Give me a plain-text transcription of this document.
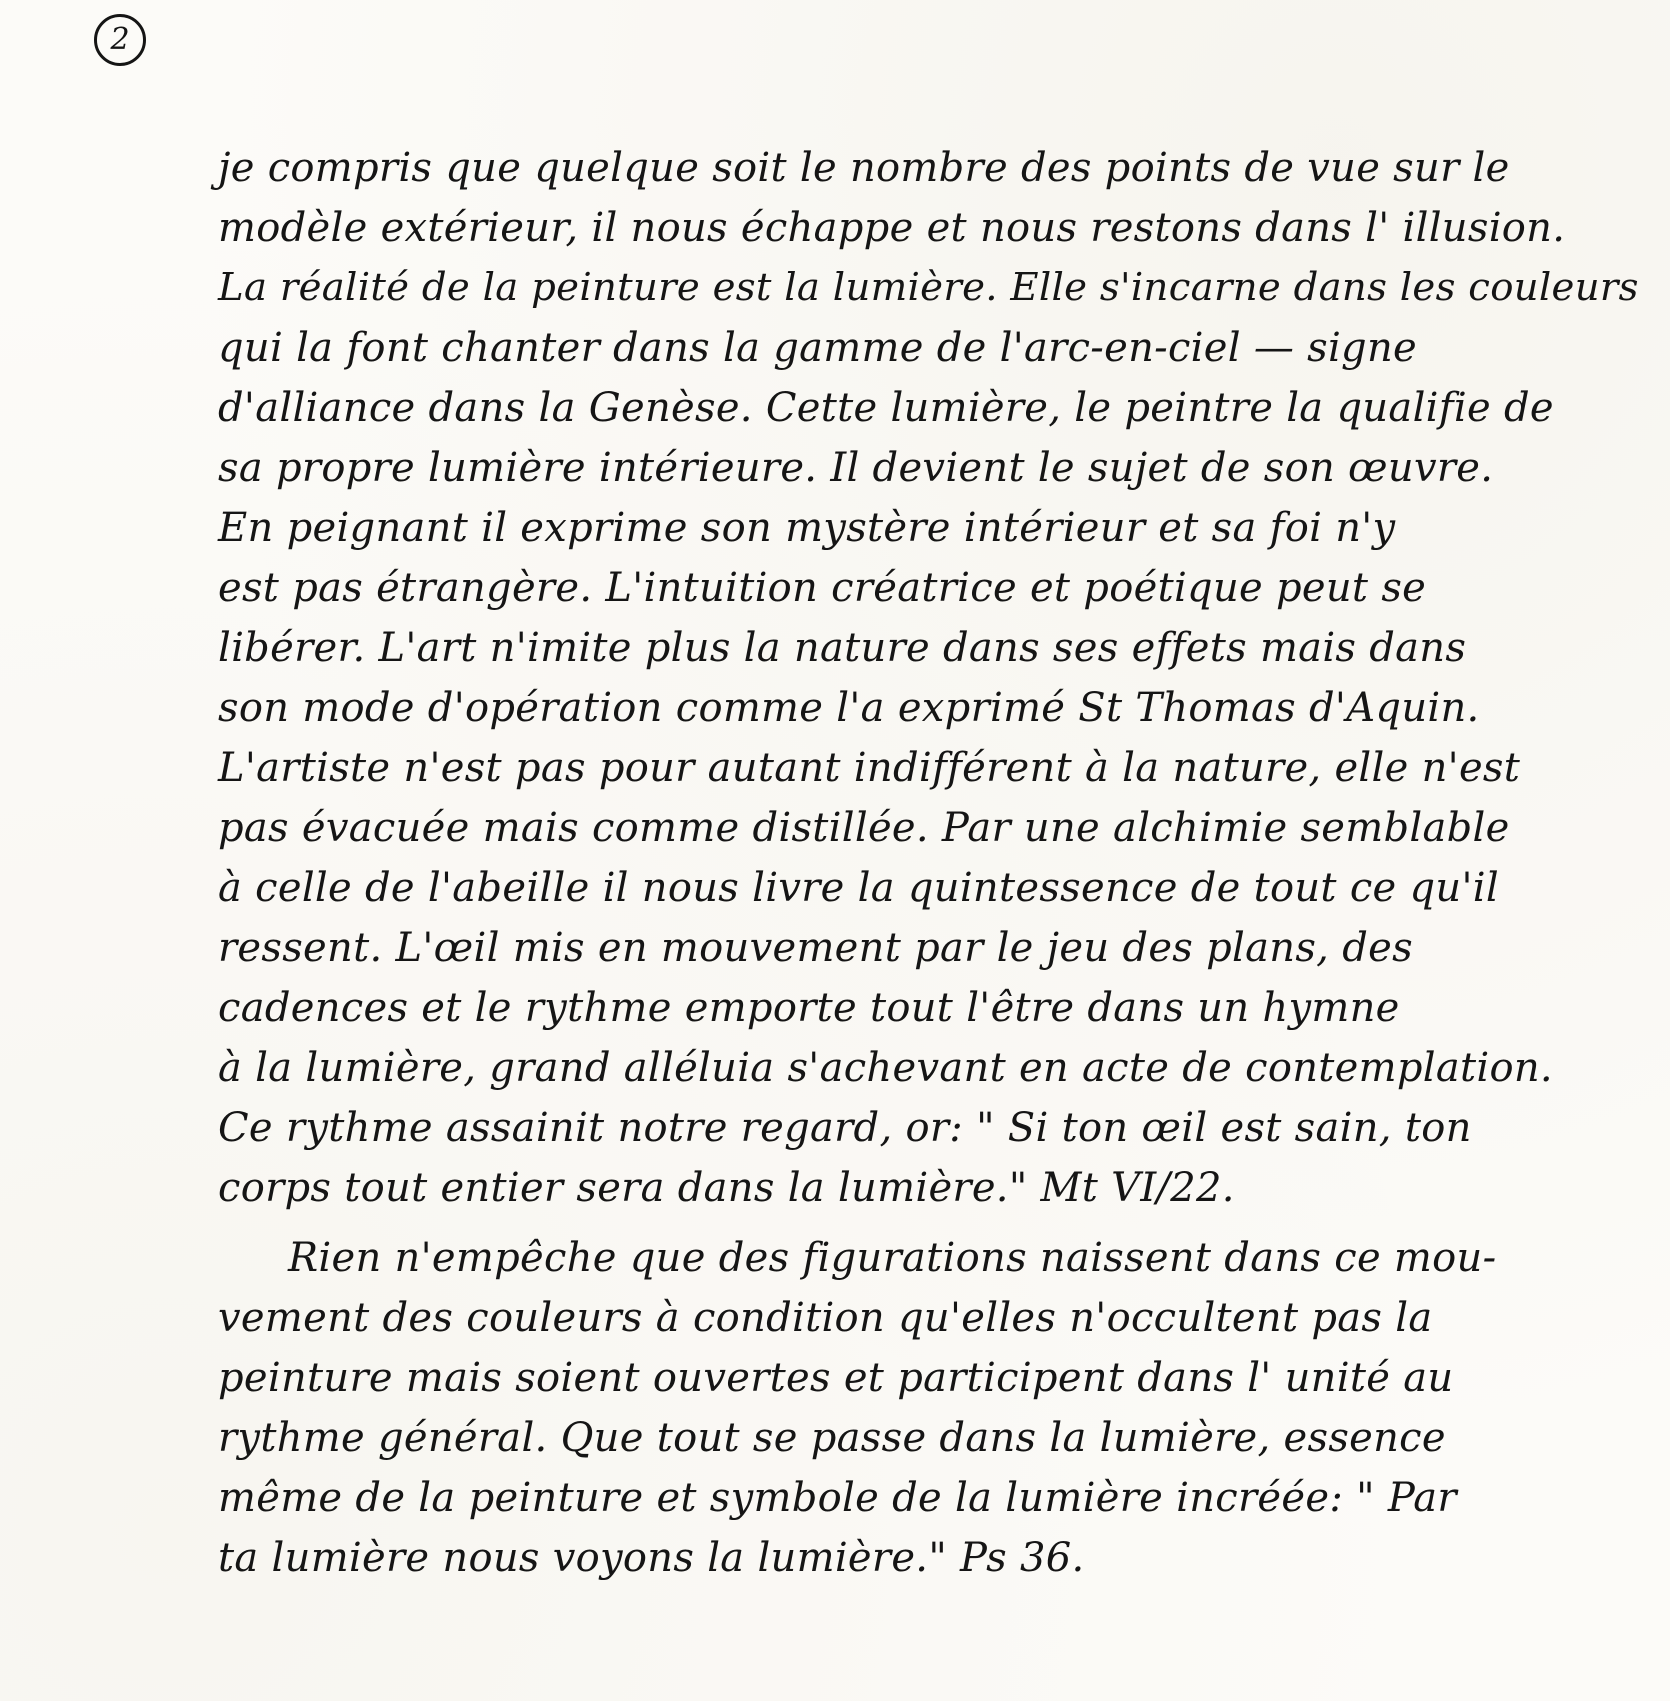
2
je compris que quelque soit le nombre des points de vue sur le
modèle extérieur, il nous échappe et nous restons dans l' illusion.
La réalité de la peinture est la lumière. Elle s'incarne dans les couleurs
qui la font chanter dans la gamme de l'arc-en-ciel — signe
d'alliance dans la Genèse. Cette lumière, le peintre la qualifie de
sa propre lumière intérieure. Il devient le sujet de son œuvre.
En peignant il exprime son mystère intérieur et sa foi n'y
est pas étrangère. L'intuition créatrice et poétique peut se
libérer. L'art n'imite plus la nature dans ses effets mais dans
son mode d'opération comme l'a exprimé St Thomas d'Aquin.
L'artiste n'est pas pour autant indifférent à la nature, elle n'est
pas évacuée mais comme distillée. Par une alchimie semblable
à celle de l'abeille il nous livre la quintessence de tout ce qu'il
ressent. L'œil mis en mouvement par le jeu des plans, des
cadences et le rythme emporte tout l'être dans un hymne
à la lumière, grand alléluia s'achevant en acte de contemplation.
Ce rythme assainit notre regard, or: " Si ton œil est sain, ton
corps tout entier sera dans la lumière." Mt VI/22.
Rien n'empêche que des figurations naissent dans ce mou-
vement des couleurs à condition qu'elles n'occultent pas la
peinture mais soient ouvertes et participent dans l' unité au
rythme général. Que tout se passe dans la lumière, essence
même de la peinture et symbole de la lumière incréée: " Par
ta lumière nous voyons la lumière." Ps 36.
